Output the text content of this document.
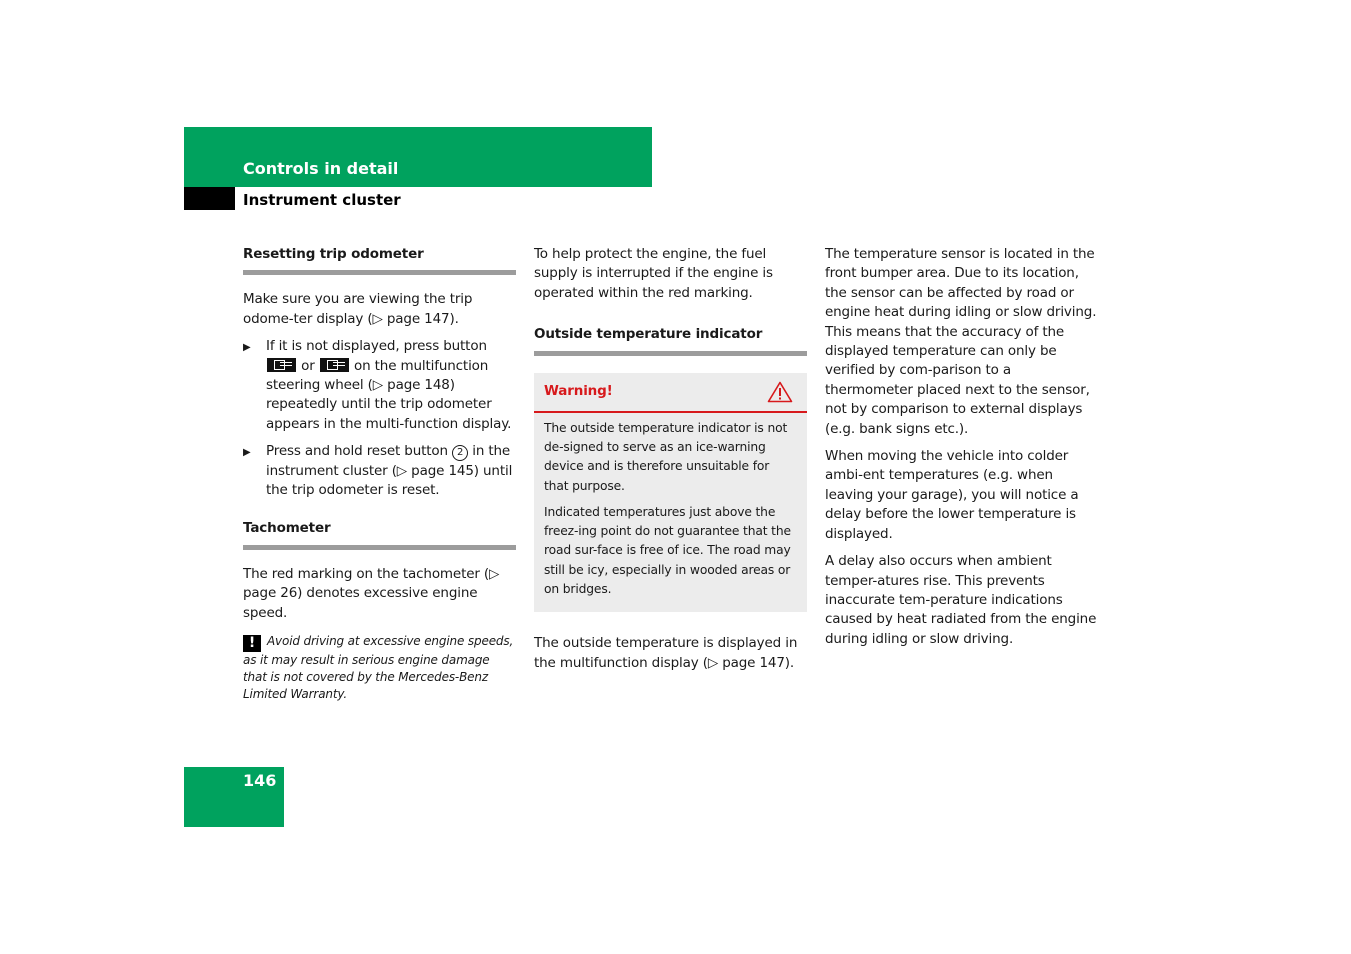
Controls in detail
Instrument cluster
Resetting trip odometer

Make sure you are viewing the trip odome-ter display (▷ page 147).

▶	If it is not displayed, press button  or	on the multifunction steering wheel (▷ page 148) repeatedly until the trip odometer appears in the multi-function display.
▶	Press and hold reset button 2 in the instrument cluster (▷ page 145) until the trip odometer is reset.
Tachometer

The red marking on the tachometer (▷ page 26) denotes excessive engine speed.

! Avoid driving at excessive engine speeds, as it may result in serious engine damage that is not covered by the Mercedes-Benz Limited Warranty.

To help protect the engine, the fuel supply is interrupted if the engine is operated within the red marking.

Outside temperature indicator
Warning!

The outside temperature indicator is not de-signed to serve as an ice-warning device and is therefore unsuitable for that purpose.

Indicated temperatures just above the freez-ing point do not guarantee that the road sur-face is free of ice. The road may still be icy, especially in wooded areas or on bridges.

The outside temperature is displayed in the multifunction display (▷ page 147).

The temperature sensor is located in the front bumper area. Due to its location, the sensor can be affected by road or engine heat during idling or slow driving. This means that the accuracy of the displayed temperature can only be verified by com-parison to a thermometer placed next to the sensor, not by comparison to external displays (e.g. bank signs etc.).

When moving the vehicle into colder ambi-ent temperatures (e.g. when leaving your garage), you will notice a delay before the lower temperature is displayed.

A delay also occurs when ambient temper-atures rise. This prevents inaccurate tem-perature indications caused by heat radiated from the engine during idling or slow driving.

146
